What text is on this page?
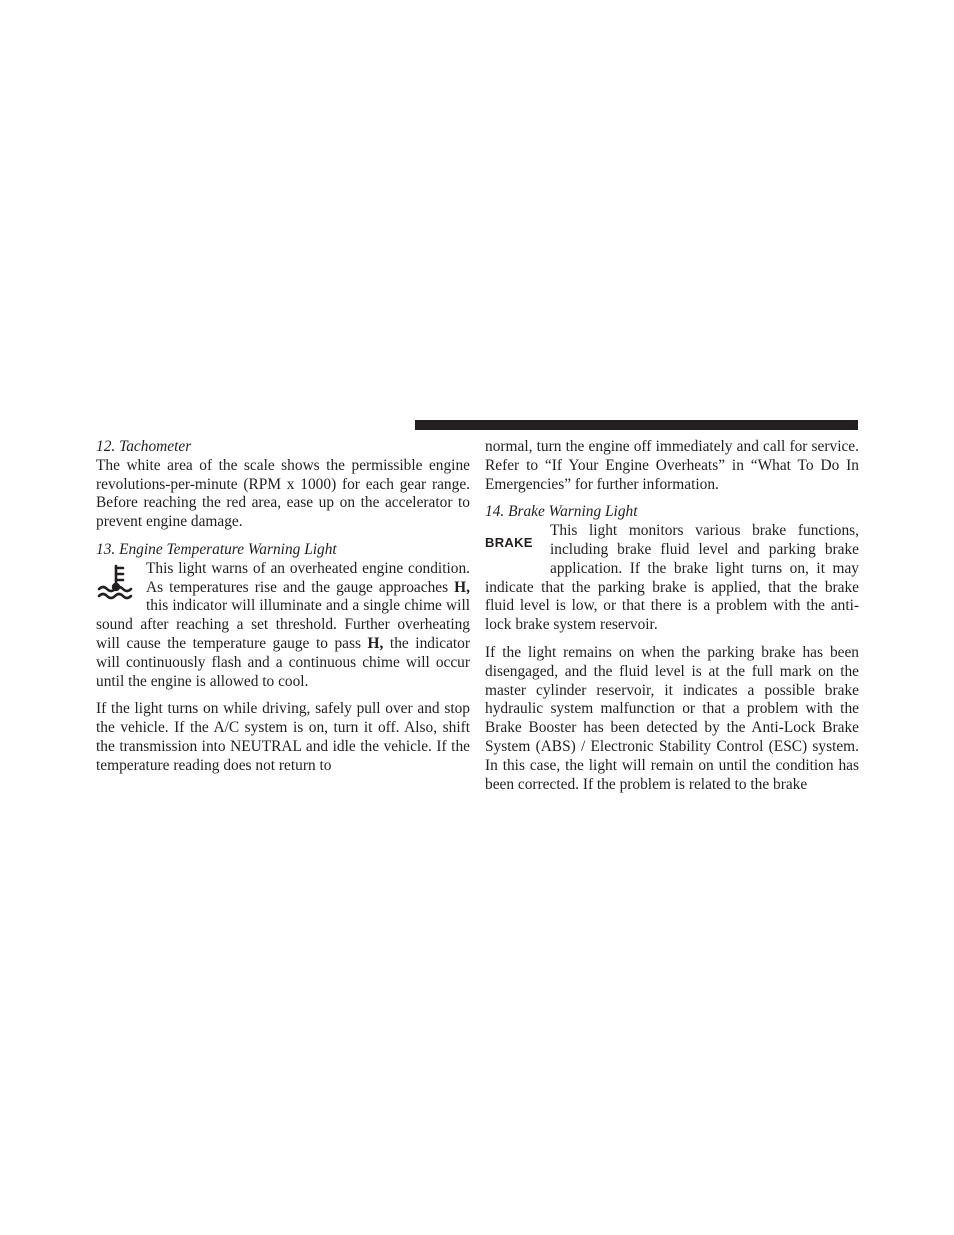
12. Tachometer

The white area of the scale shows the permissible engine revolutions-per-minute (RPM x 1000) for each gear range. Before reaching the red area, ease up on the accelerator to prevent engine damage.

13. Engine Temperature Warning Light

This light warns of an overheated engine condition. As temperatures rise and the gauge approaches H, this indicator will illuminate and a single chime will sound after reaching a set threshold. Further overheating will cause the temperature gauge to pass H, the indicator will continuously flash and a continuous chime will occur until the engine is allowed to cool.

If the light turns on while driving, safely pull over and stop the vehicle. If the A/C system is on, turn it off. Also, shift the transmission into NEUTRAL and idle the vehicle. If the temperature reading does not return to

normal, turn the engine off immediately and call for service. Refer to “If Your Engine Overheats” in “What To Do In Emergencies” for further information.

14. Brake Warning Light

BRAKE
This light monitors various brake functions, including brake fluid level and parking brake application. If the brake light turns on, it may indicate that the parking brake is applied, that the brake fluid level is low, or that there is a problem with the anti-lock brake system reservoir.

If the light remains on when the parking brake has been disengaged, and the fluid level is at the full mark on the master cylinder reservoir, it indicates a possible brake hydraulic system malfunction or that a problem with the Brake Booster has been detected by the Anti-Lock Brake System (ABS) / Electronic Stability Control (ESC) system. In this case, the light will remain on until the condition has been corrected. If the problem is related to the brake
